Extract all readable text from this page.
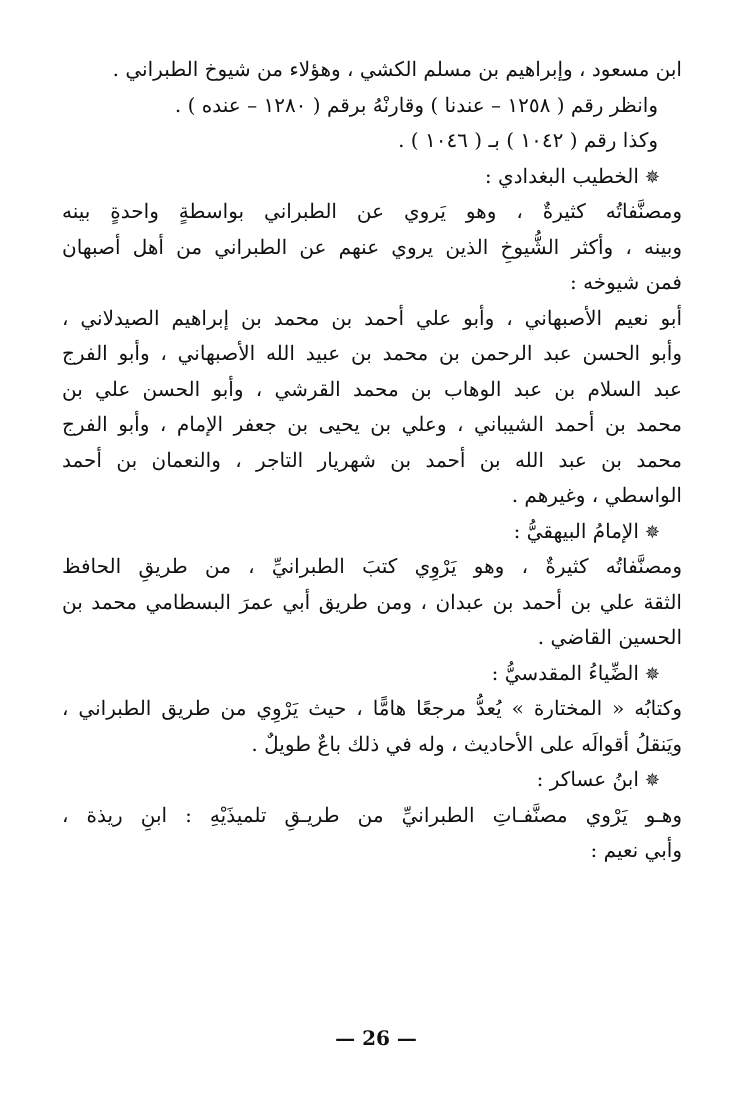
ابن مسعود ، وإبراهيم بن مسلم الكشي ، وهؤلاء من شيوخ الطبراني .
وانظر رقم ( ١٢٥٨ – عندنا ) وقارنْهُ برقم ( ١٢٨٠ – عنده ) .
وكذا رقم ( ١٠٤٢ ) بـ ( ١٠٤٦ ) .
✵الخطيب البغدادي :
ومصنَّفاتُه كثيرةٌ ، وهو يَروي عن الطبراني بواسطةٍ واحدةٍ بينه
وبينه ، وأكثر الشُّيوخِ الذين يروي عنهم عن الطبراني من أهل أصبهان
فمن شيوخه :
أبو نعيم الأصبهاني ، وأبو علي أحمد بن محمد بن إبراهيم الصيدلاني ،
وأبو الحسن عبد الرحمن بن محمد بن عبيد الله الأصبهاني ، وأبو الفرج
عبد السلام بن عبد الوهاب بن محمد القرشي ، وأبو الحسن علي بن
محمد بن أحمد الشيباني ، وعلي بن يحيى بن جعفر الإمام ، وأبو الفرج
محمد بن عبد الله بن أحمد بن شهريار التاجر ، والنعمان بن أحمد
الواسطي ، وغيرهم .
✵الإمامُ البيهقيُّ :
ومصنَّفاتُه كثيرةٌ ، وهو يَرْوِي كتبَ الطبرانيِّ ، من طريقِ الحافظ
الثقة علي بن أحمد بن عبدان ، ومن طريق أبي عمرَ البسطامي محمد بن
الحسين القاضي .
✵الضِّياءُ المقدسيُّ :
وكتابُه « المختارة » يُعدُّ مرجعًا هامًّا ، حيث يَرْوِي من طريق الطبراني ،
ويَنقلُ أقوالَه على الأحاديث ، وله في ذلك باعٌ طويلٌ .
✵ابنُ عساكر :
وهـو يَرْوي مصنَّفـاتِ الطبرانيِّ من طريـقِ تلميذَيْهِ : ابنِ ريذة ،
وأبي نعيم :
— 26 —
